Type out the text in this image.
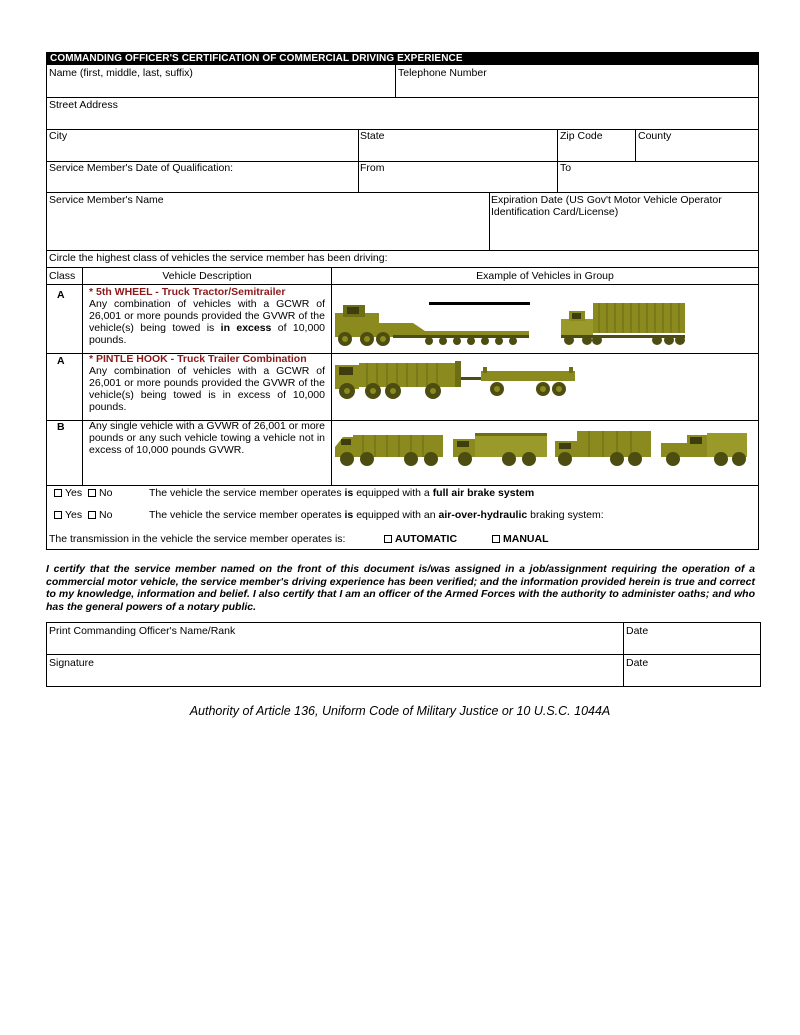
COMMANDING OFFICER'S CERTIFICATION OF COMMERCIAL DRIVING EXPERIENCE
Name (first, middle, last, suffix)	Telephone Number
Street Address
City	State	Zip Code	County
Service Member's Date of Qualification:	From	To
Service Member's Name	Expiration Date (US Gov't Motor Vehicle Operator Identification Card/License)
Circle the highest class of vehicles the service member has been driving:
Class	Vehicle Description	Example of Vehicles in Group
A * 5th WHEEL - Truck Tractor/Semitrailer
Any combination of vehicles with a GCWR of 26,001 or more pounds provided the GVWR of the vehicle(s) being towed is in excess of 10,000 pounds.
A * PINTLE HOOK - Truck Trailer Combination
Any combination of vehicles with a GCWR of 26,001 or more pounds provided the GVWR of the vehicle(s) being towed is in excess of 10,000 pounds.
B Any single vehicle with a GVWR of 26,001 or more pounds or any such vehicle towing a vehicle not in excess of 10,000 pounds GVWR.
Yes No	The vehicle the service member operates is equipped with a full air brake system
Yes No	The vehicle the service member operates is equipped with an air-over-hydraulic braking system:
The transmission in the vehicle the service member operates is:	AUTOMATIC	MANUAL
I certify that the service member named on the front of this document is/was assigned in a job/assignment requiring the operation of a commercial motor vehicle, the service member's driving experience has been verified; and the information provided herein is true and correct to my knowledge, information and belief. I also certify that I am an officer of the Armed Forces with the authority to administer oaths; and who has the general powers of a notary public.
Print Commanding Officer's Name/Rank	Date
Signature	Date
Authority of Article 136, Uniform Code of Military Justice or 10 U.S.C. 1044A
